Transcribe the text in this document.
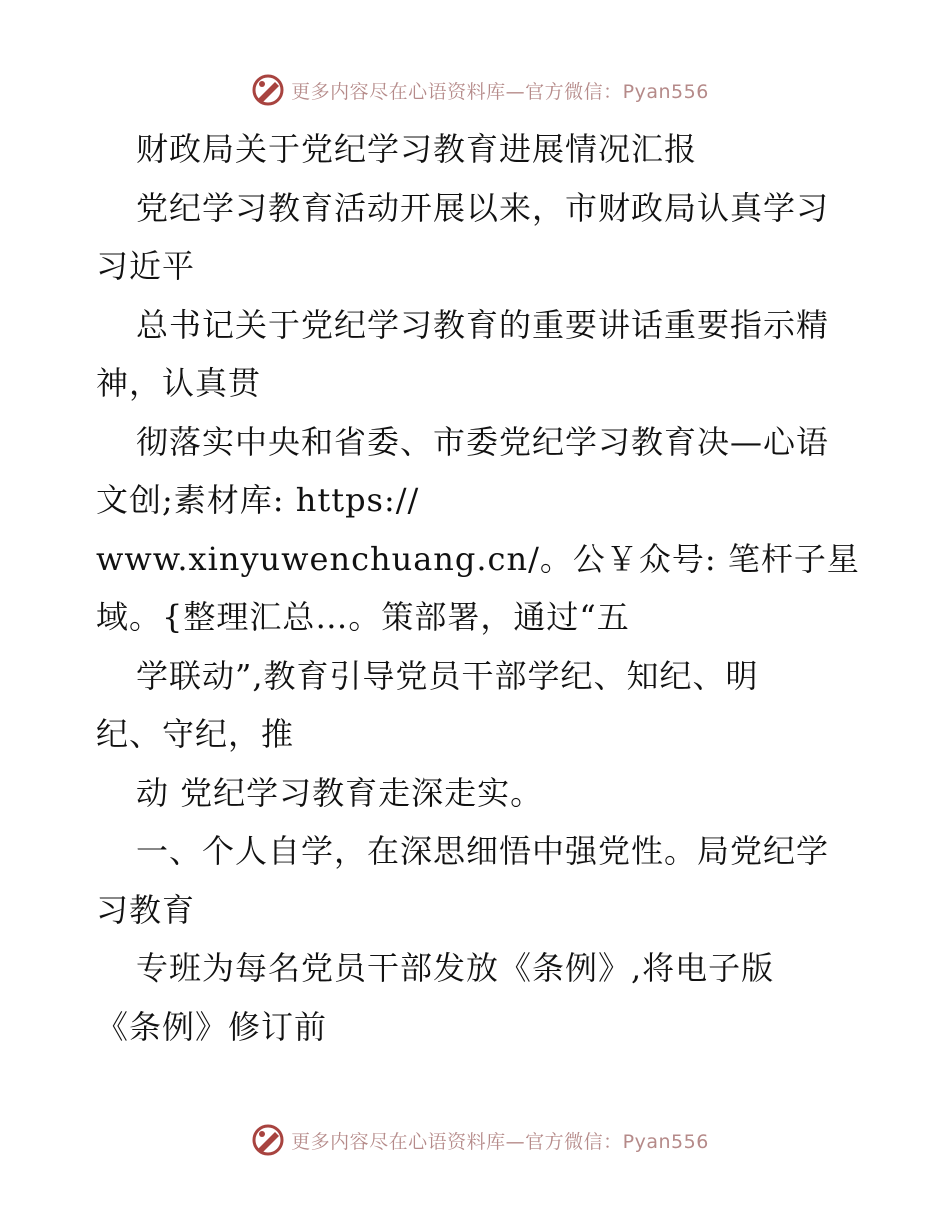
更多内容尽在心语资料库—官方微信：Pyan556
财政局关于党纪学习教育进展情况汇报
党纪学习教育活动开展以来，市财政局认真学习
习近平
总书记关于党纪学习教育的重要讲话重要指示精
神，认真贯
彻落实中央和省委、市委党纪学习教育决—心语
文创;素材库: https://
www.xinyuwenchuang.cn/。公￥众号: 笔杆子星
域。{整理汇总…。策部署，通过“五
学联动”,教育引导党员干部学纪、知纪、明
纪、守纪，推
动 党纪学习教育走深走实。
一、个人自学，在深思细悟中强党性。局党纪学
习教育
专班为每名党员干部发放《条例》,将电子版
《条例》修订前
更多内容尽在心语资料库—官方微信：Pyan556
